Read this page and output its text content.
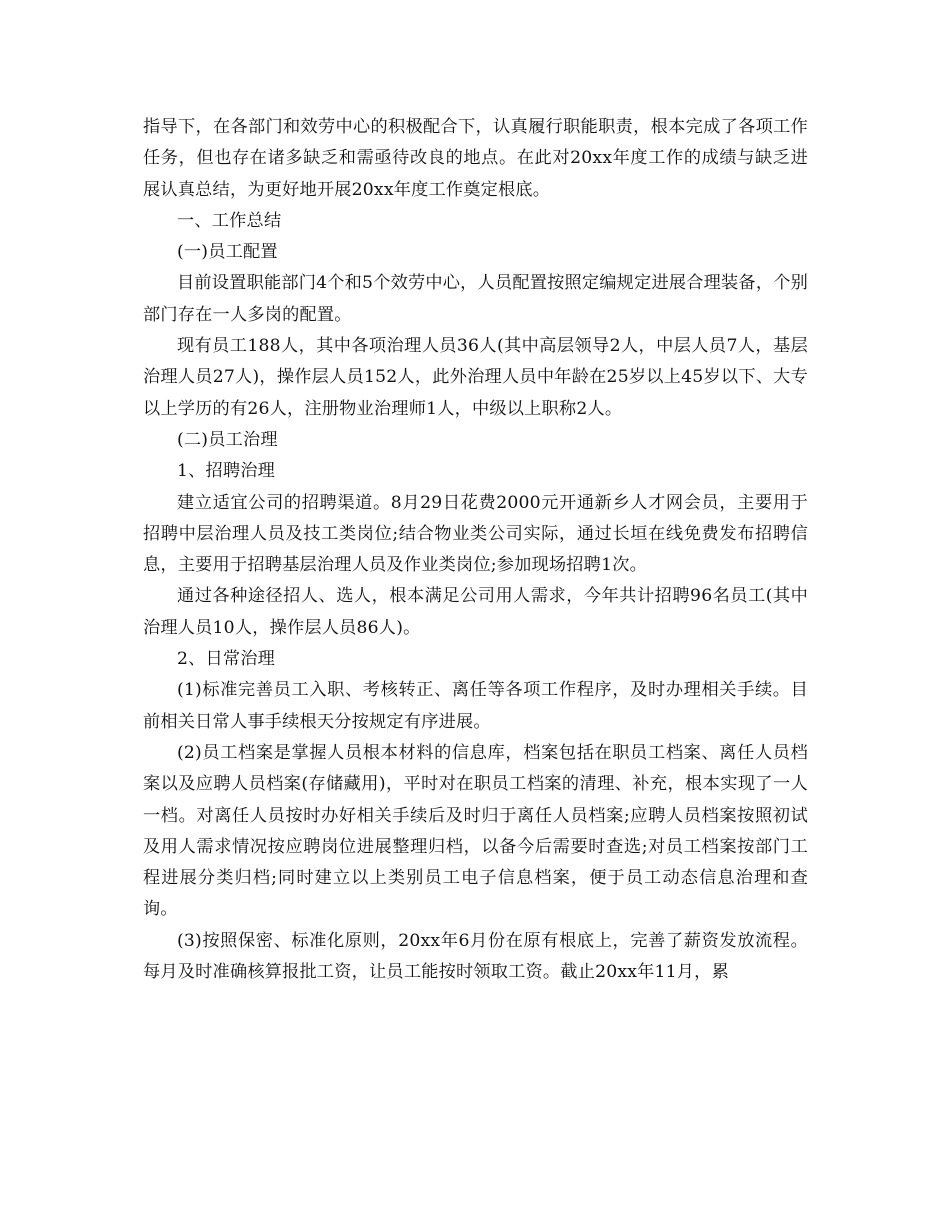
指导下，在各部门和效劳中心的积极配合下，认真履行职能职责，根本完成了各项工作任务，但也存在诸多缺乏和需亟待改良的地点。在此对20xx年度工作的成绩与缺乏进展认真总结，为更好地开展20xx年度工作奠定根底。

一、工作总结

(一)员工配置

目前设置职能部门4个和5个效劳中心，人员配置按照定编规定进展合理装备，个别部门存在一人多岗的配置。

现有员工188人，其中各项治理人员36人(其中高层领导2人，中层人员7人，基层治理人员27人)，操作层人员152人，此外治理人员中年龄在25岁以上45岁以下、大专以上学历的有26人，注册物业治理师1人，中级以上职称2人。

(二)员工治理

1、招聘治理

建立适宜公司的招聘渠道。8月29日花费2000元开通新乡人才网会员，主要用于招聘中层治理人员及技工类岗位;结合物业类公司实际，通过长垣在线免费发布招聘信息，主要用于招聘基层治理人员及作业类岗位;参加现场招聘1次。

通过各种途径招人、选人，根本满足公司用人需求，今年共计招聘96名员工(其中治理人员10人，操作层人员86人)。

2、日常治理

(1)标准完善员工入职、考核转正、离任等各项工作程序，及时办理相关手续。目前相关日常人事手续根天分按规定有序进展。

(2)员工档案是掌握人员根本材料的信息库，档案包括在职员工档案、离任人员档案以及应聘人员档案(存储藏用)，平时对在职员工档案的清理、补充，根本实现了一人一档。对离任人员按时办好相关手续后及时归于离任人员档案;应聘人员档案按照初试及用人需求情况按应聘岗位进展整理归档，以备今后需要时查选;对员工档案按部门工程进展分类归档;同时建立以上类别员工电子信息档案，便于员工动态信息治理和查询。

(3)按照保密、标准化原则，20xx年6月份在原有根底上，完善了薪资发放流程。每月及时准确核算报批工资，让员工能按时领取工资。截止20xx年11月，累
